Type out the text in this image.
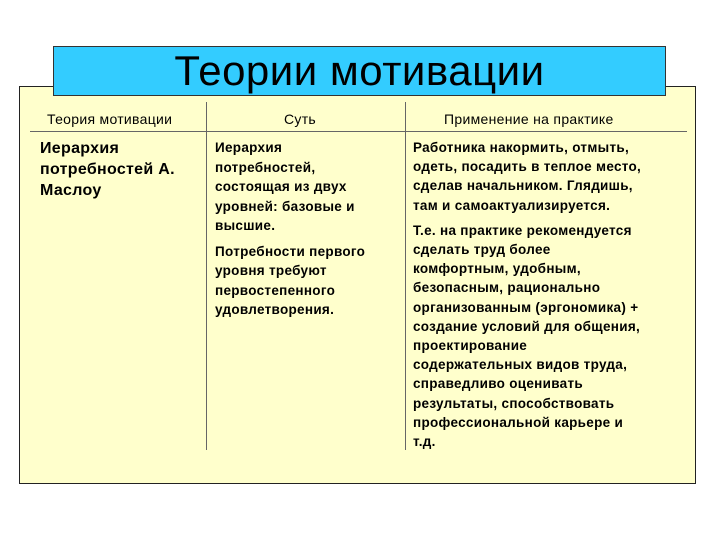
Теории мотивации
Теория мотивации	Суть	Применение на практике
Иерархия
потребностей А.
Маслоу

Иерархия
потребностей,
состоящая из двух
уровней: базовые и
высшие.

Потребности первого
уровня требуют
первостепенного
удовлетворения.

Работника накормить, отмыть,
одеть, посадить в теплое место,
сделав начальником. Глядишь,
там и самоактуализируется.

Т.е. на практике рекомендуется
сделать труд более
комфортным, удобным,
безопасным, рационально
организованным (эргономика) +
создание условий для общения,
проектирование
содержательных видов труда,
справедливо оценивать
результаты, способствовать
профессиональной карьере и
т.д.
